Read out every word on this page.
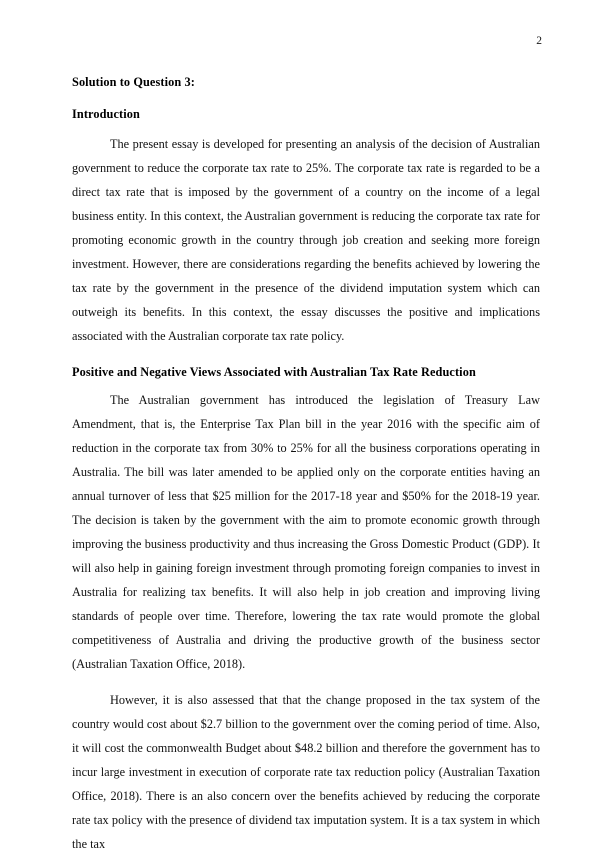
2
Solution to Question 3:
Introduction

The present essay is developed for presenting an analysis of the decision of Australian government to reduce the corporate tax rate to 25%. The corporate tax rate is regarded to be a direct tax rate that is imposed by the government of a country on the income of a legal business entity. In this context, the Australian government is reducing the corporate tax rate for promoting economic growth in the country through job creation and seeking more foreign investment. However, there are considerations regarding the benefits achieved by lowering the tax rate by the government in the presence of the dividend imputation system which can outweigh its benefits. In this context, the essay discusses the positive and implications associated with the Australian corporate tax rate policy.

Positive and Negative Views Associated with Australian Tax Rate Reduction

The Australian government has introduced the legislation of Treasury Law Amendment, that is, the Enterprise Tax Plan bill in the year 2016 with the specific aim of reduction in the corporate tax from 30% to 25% for all the business corporations operating in Australia. The bill was later amended to be applied only on the corporate entities having an annual turnover of less that $25 million for the 2017-18 year and $50% for the 2018-19 year. The decision is taken by the government with the aim to promote economic growth through improving the business productivity and thus increasing the Gross Domestic Product (GDP). It will also help in gaining foreign investment through promoting foreign companies to invest in Australia for realizing tax benefits. It will also help in job creation and improving living standards of people over time. Therefore, lowering the tax rate would promote the global competitiveness of Australia and driving the productive growth of the business sector (Australian Taxation Office, 2018).

However, it is also assessed that that the change proposed in the tax system of the country would cost about $2.7 billion to the government over the coming period of time. Also, it will cost the commonwealth Budget about $48.2 billion and therefore the government has to incur large investment in execution of corporate rate tax reduction policy (Australian Taxation Office, 2018). There is an also concern over the benefits achieved by reducing the corporate rate tax policy with the presence of dividend tax imputation system. It is a tax system in which the tax
